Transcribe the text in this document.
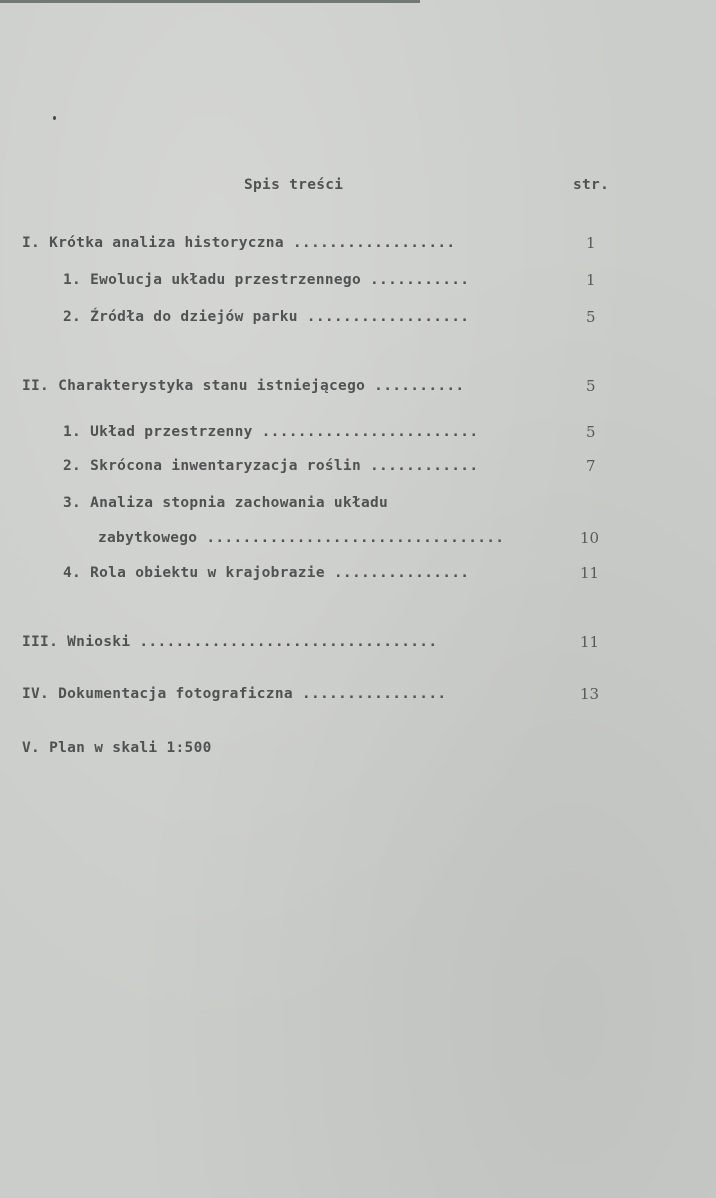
Spis treści	str.
I. Krótka analiza historyczna ..................	1
1. Ewolucja układu przestrzennego ...........	1
2. Źródła do dziejów parku ..................	5
II. Charakterystyka stanu istniejącego ..........	5
1. Układ przestrzenny ........................	5
2. Skrócona inwentaryzacja roślin ............	7
3. Analiza stopnia zachowania układu
zabytkowego .................................	10
4. Rola obiektu w krajobrazie ...............	11
III. Wnioski .................................	11
IV. Dokumentacja fotograficzna ................	13
V. Plan w skali 1:500
